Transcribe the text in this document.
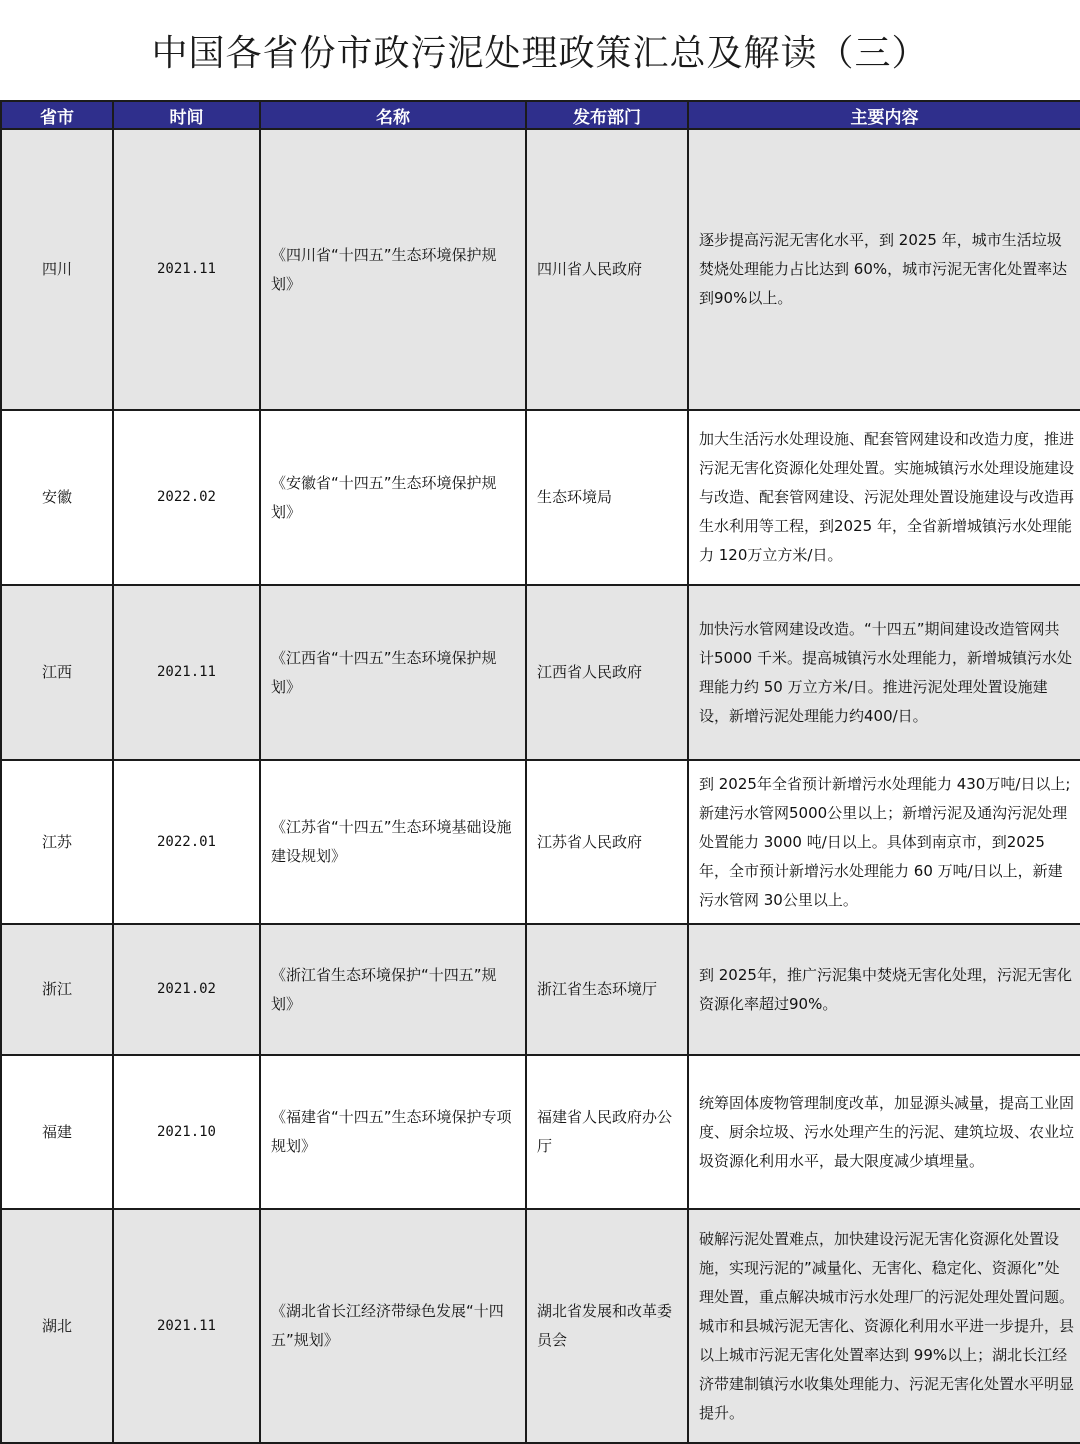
中国各省份市政污泥处理政策汇总及解读（三）
省市	时间	名称	发布部门	主要内容
四川	2021.11	《四川省“十四五”生态环境保护规划》	四川省人民政府	逐步提高污泥无害化水平，到 2025 年，城市生活垃圾焚烧处理能力占比达到 60%，城市污泥无害化处置率达到90%以上。
安徽	2022.02	《安徽省“十四五”生态环境保护规划》	生态环境局	加大生活污水处理设施、配套管网建设和改造力度，推进污泥无害化资源化处理处置。实施城镇污水处理设施建设与改造、配套管网建设、污泥处理处置设施建设与改造再生水利用等工程，到2025 年，全省新增城镇污水处理能力 120万立方米/日。
江西	2021.11	《江西省“十四五”生态环境保护规划》	江西省人民政府	加快污水管网建设改造。“十四五”期间建设改造管网共计5000 千米。提高城镇污水处理能力，新增城镇污水处理能力约 50 万立方米/日。推进污泥处理处置设施建设，新增污泥处理能力约400/日。
江苏	2022.01	《江苏省“十四五”生态环境基础设施建设规划》	江苏省人民政府	到 2025年全省预计新增污水处理能力 430万吨/日以上;新建污水管网5000公里以上；新增污泥及通沟污泥处理处置能力 3000 吨/日以上。具体到南京市，到2025年，全市预计新增污水处理能力 60 万吨/日以上，新建污水管网 30公里以上。
浙江	2021.02	《浙江省生态环境保护“十四五”规划》	浙江省生态环境厅	到 2025年，推广污泥集中焚烧无害化处理，污泥无害化资源化率超过90%。
福建	2021.10	《福建省“十四五”生态环境保护专项规划》	福建省人民政府办公厅	统筹固体废物管理制度改革，加显源头减量，提高工业固度、厨余垃圾、污水处理产生的污泥、建筑垃圾、农业垃圾资源化利用水平，最大限度减少填埋量。
湖北	2021.11	《湖北省长江经济带绿色发展“十四五”规划》	湖北省发展和改革委员会	破解污泥处置难点，加快建设污泥无害化资源化处置设施，实现污泥的”减量化、无害化、稳定化、资源化”处理处置，重点解决城市污水处理厂的污泥处理处置问题。城市和县城污泥无害化、资源化利用水平进一步提升，县以上城市污泥无害化处置率达到 99%以上；湖北长江经济带建制镇污水收集处理能力、污泥无害化处置水平明显提升。
